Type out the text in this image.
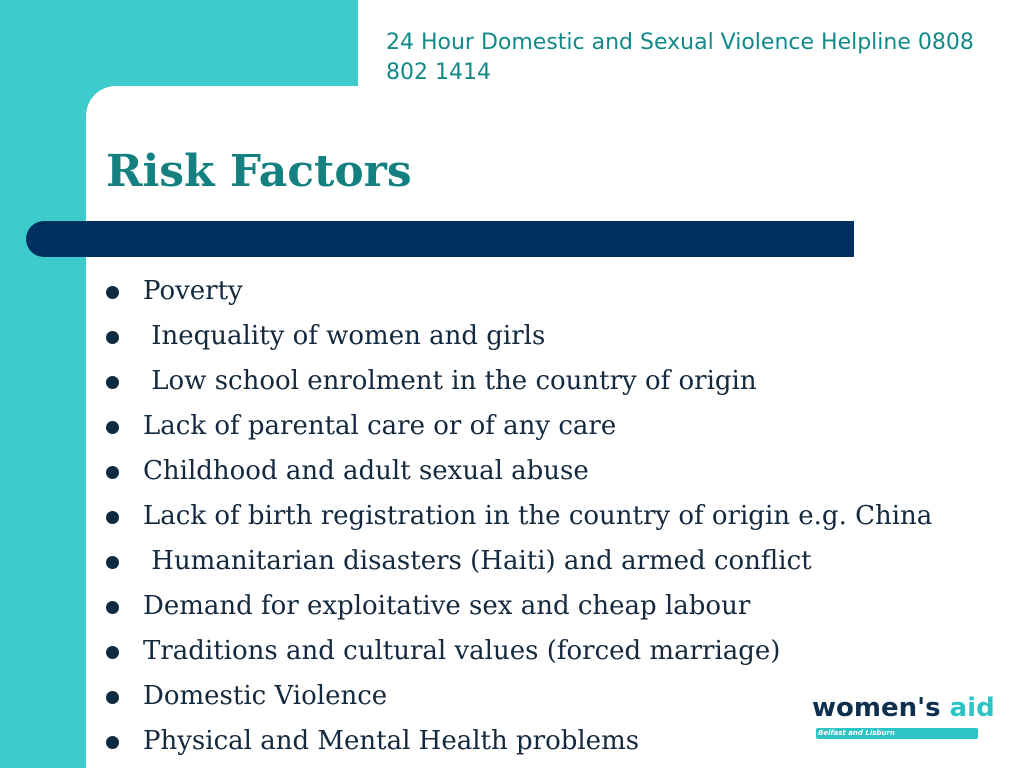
24 Hour Domestic and Sexual Violence Helpline 0808 802 1414
Risk Factors
Poverty
Inequality of women and girls
Low school enrolment in the country of origin
Lack of parental care or of any care
Childhood and adult sexual abuse
Lack of birth registration in the country of origin e.g. China
Humanitarian disasters (Haiti) and armed conflict
Demand for exploitative sex and cheap labour
Traditions and cultural values (forced marriage)
Domestic Violence
Physical and Mental Health problems
women's aid
Belfast and Lisburn
